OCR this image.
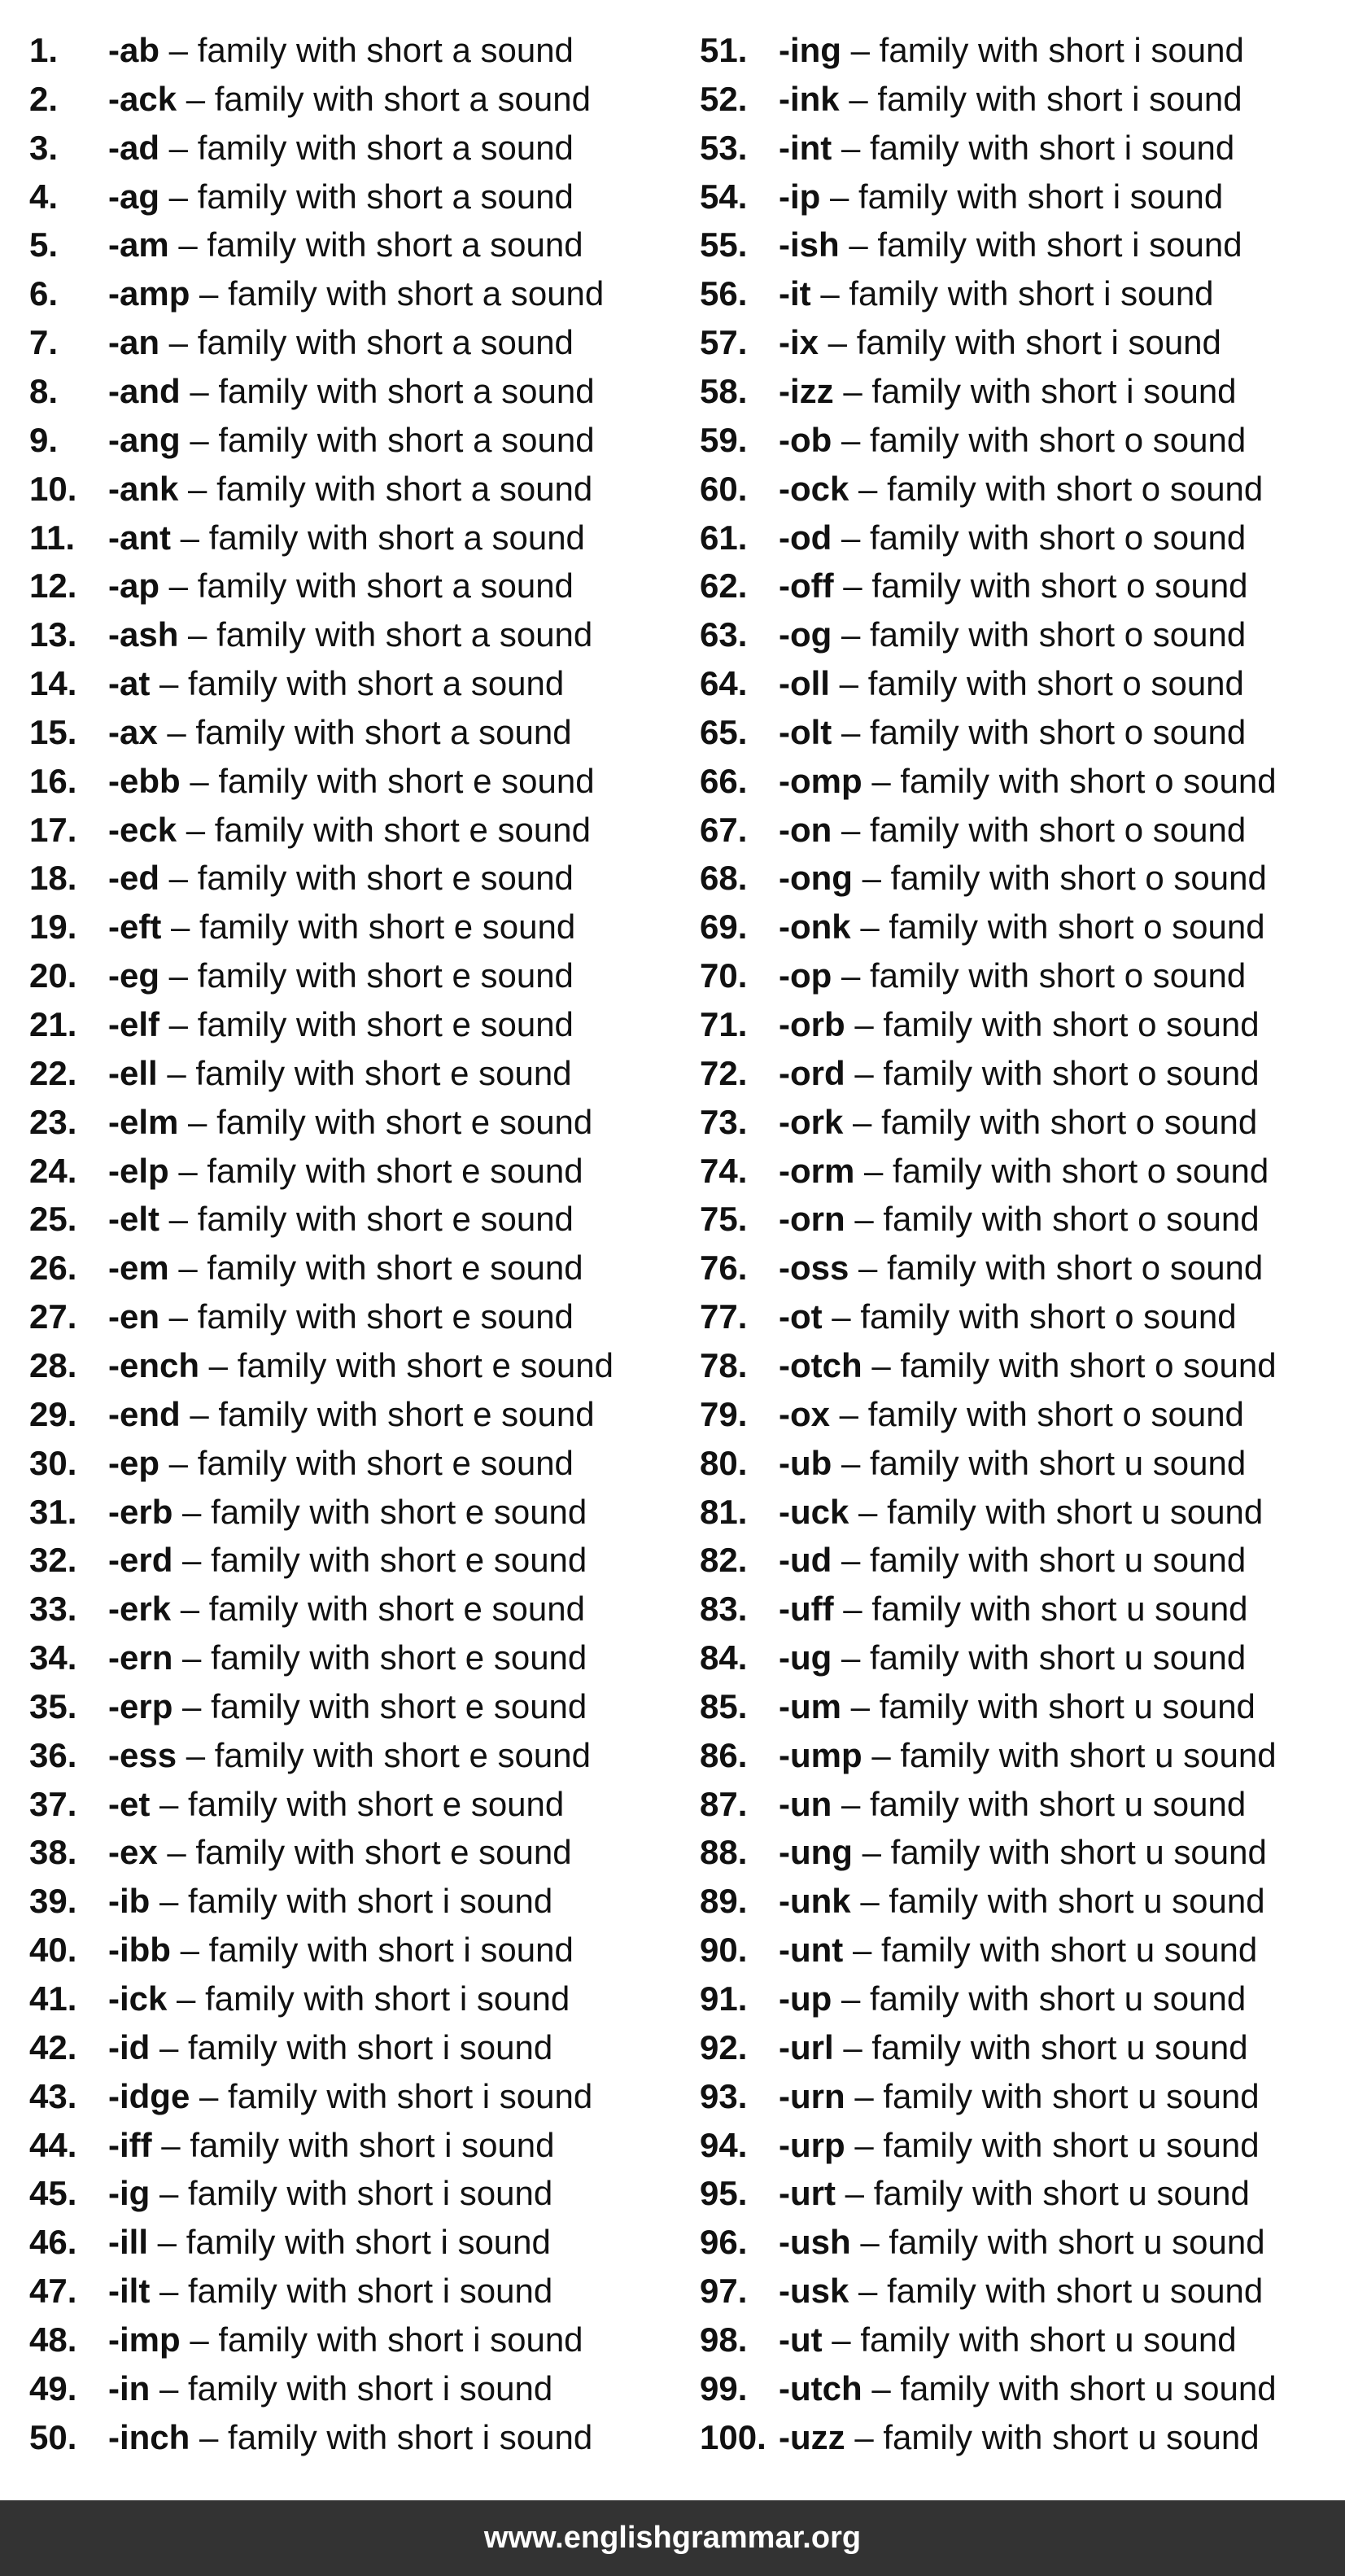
1. -ab – family with short a sound
2. -ack – family with short a sound
3. -ad – family with short a sound
4. -ag – family with short a sound
5. -am – family with short a sound
6. -amp – family with short a sound
7. -an – family with short a sound
8. -and – family with short a sound
9. -ang – family with short a sound
10. -ank – family with short a sound
11. -ant – family with short a sound
12. -ap – family with short a sound
13. -ash – family with short a sound
14. -at – family with short a sound
15. -ax – family with short a sound
16. -ebb – family with short e sound
17. -eck – family with short e sound
18. -ed – family with short e sound
19. -eft – family with short e sound
20. -eg – family with short e sound
21. -elf – family with short e sound
22. -ell – family with short e sound
23. -elm – family with short e sound
24. -elp – family with short e sound
25. -elt – family with short e sound
26. -em – family with short e sound
27. -en – family with short e sound
28. -ench – family with short e sound
29. -end – family with short e sound
30. -ep – family with short e sound
31. -erb – family with short e sound
32. -erd – family with short e sound
33. -erk – family with short e sound
34. -ern – family with short e sound
35. -erp – family with short e sound
36. -ess – family with short e sound
37. -et – family with short e sound
38. -ex – family with short e sound
39. -ib – family with short i sound
40. -ibb – family with short i sound
41. -ick – family with short i sound
42. -id – family with short i sound
43. -idge – family with short i sound
44. -iff – family with short i sound
45. -ig – family with short i sound
46. -ill – family with short i sound
47. -ilt – family with short i sound
48. -imp – family with short i sound
49. -in – family with short i sound
50. -inch – family with short i sound
51. -ing – family with short i sound
52. -ink – family with short i sound
53. -int – family with short i sound
54. -ip – family with short i sound
55. -ish – family with short i sound
56. -it – family with short i sound
57. -ix – family with short i sound
58. -izz – family with short i sound
59. -ob – family with short o sound
60. -ock – family with short o sound
61. -od – family with short o sound
62. -off – family with short o sound
63. -og – family with short o sound
64. -oll – family with short o sound
65. -olt – family with short o sound
66. -omp – family with short o sound
67. -on – family with short o sound
68. -ong – family with short o sound
69. -onk – family with short o sound
70. -op – family with short o sound
71. -orb – family with short o sound
72. -ord – family with short o sound
73. -ork – family with short o sound
74. -orm – family with short o sound
75. -orn – family with short o sound
76. -oss – family with short o sound
77. -ot – family with short o sound
78. -otch – family with short o sound
79. -ox – family with short o sound
80. -ub – family with short u sound
81. -uck – family with short u sound
82. -ud – family with short u sound
83. -uff – family with short u sound
84. -ug – family with short u sound
85. -um – family with short u sound
86. -ump – family with short u sound
87. -un – family with short u sound
88. -ung – family with short u sound
89. -unk – family with short u sound
90. -unt – family with short u sound
91. -up – family with short u sound
92. -url – family with short u sound
93. -urn – family with short u sound
94. -urp – family with short u sound
95. -urt – family with short u sound
96. -ush – family with short u sound
97. -usk – family with short u sound
98. -ut – family with short u sound
99. -utch – family with short u sound
100. -uzz – family with short u sound
www.englishgrammar.org
